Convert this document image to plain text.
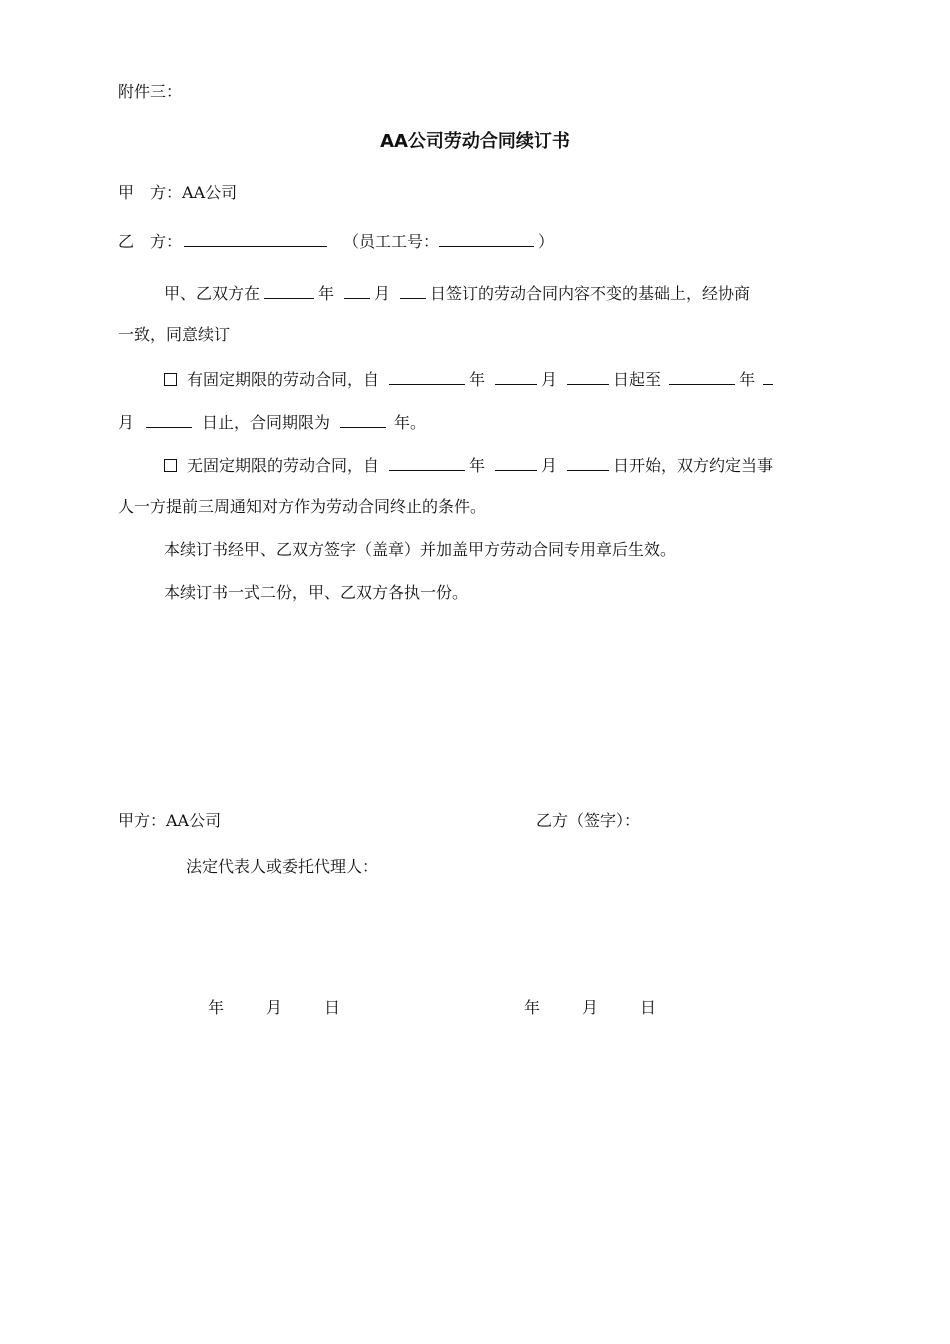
附件三：
AA公司劳动合同续订书
甲　方：AA公司
乙　方：	（员工工号：	）
甲、乙双方在	年	月	日签订的劳动合同内容不变的基础上，经协商
一致，同意续订
有固定期限的劳动合同，自	年	月	日起至	年
月	日止，合同期限为	年。
无固定期限的劳动合同，自	年	月	日开始，双方约定当事
人一方提前三周通知对方作为劳动合同终止的条件。
本续订书经甲、乙双方签字（盖章）并加盖甲方劳动合同专用章后生效。
本续订书一式二份，甲、乙双方各执一份。
甲方：AA公司	乙方（签字）：
法定代表人或委托代理人：
年	月	日	年	月	日
